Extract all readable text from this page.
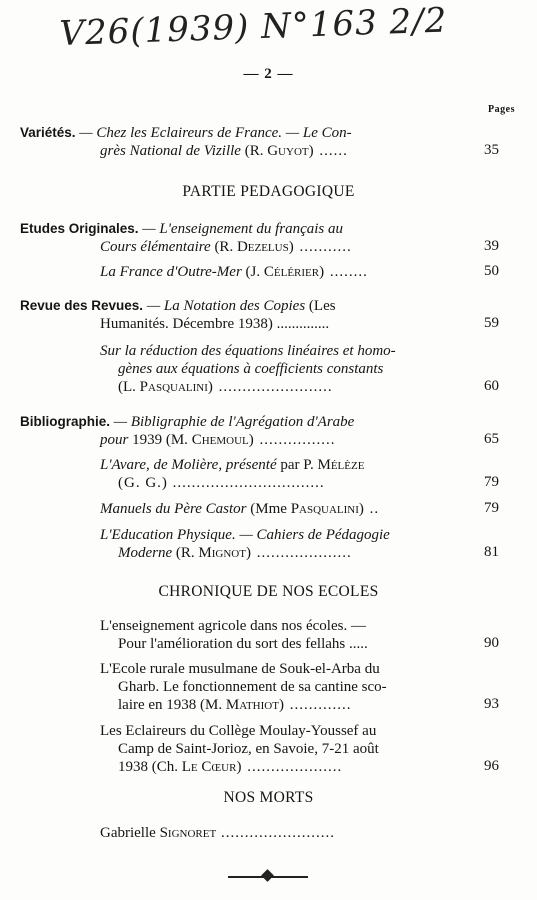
V26(1939) N°163 2/2
— 2 —
Pages
Variétés. — Chez les Eclaireurs de France. — Le Con-
grès National de Vizille (R. Guyot) ......	35
PARTIE PEDAGOGIQUE
Etudes Originales. — L'enseignement du français au
Cours élémentaire (R. Dezelus) ...........	39
La France d'Outre-Mer (J. Célérier) ........	50
Revue des Revues. — La Notation des Copies (Les
Humanités. Décembre 1938) ..............	59
Sur la réduction des équations linéaires et homo-
gènes aux équations à coefficients constants
(L. Pasqualini) ........................	60
Bibliographie. — Bibligraphie de l'Agrégation d'Arabe
pour 1939 (M. Chemoul) ................	65
L'Avare, de Molière, présenté par P. Mélèze
(G. G.) ................................	79
Manuels du Père Castor (Mme Pasqualini) ..	79
L'Education Physique. — Cahiers de Pédagogie
Moderne (R. Mignot) ....................	81
CHRONIQUE DE NOS ECOLES
L'enseignement agricole dans nos écoles. —
Pour l'amélioration du sort des fellahs .....	90
L'Ecole rurale musulmane de Souk-el-Arba du
Gharb. Le fonctionnement de sa cantine sco-
laire en 1938 (M. Mathiot) .............	93
Les Eclaireurs du Collège Moulay-Youssef au
Camp de Saint-Jorioz, en Savoie, 7-21 août
1938 (Ch. Le Cœur) ....................	96
NOS MORTS
Gabrielle Signoret ........................
